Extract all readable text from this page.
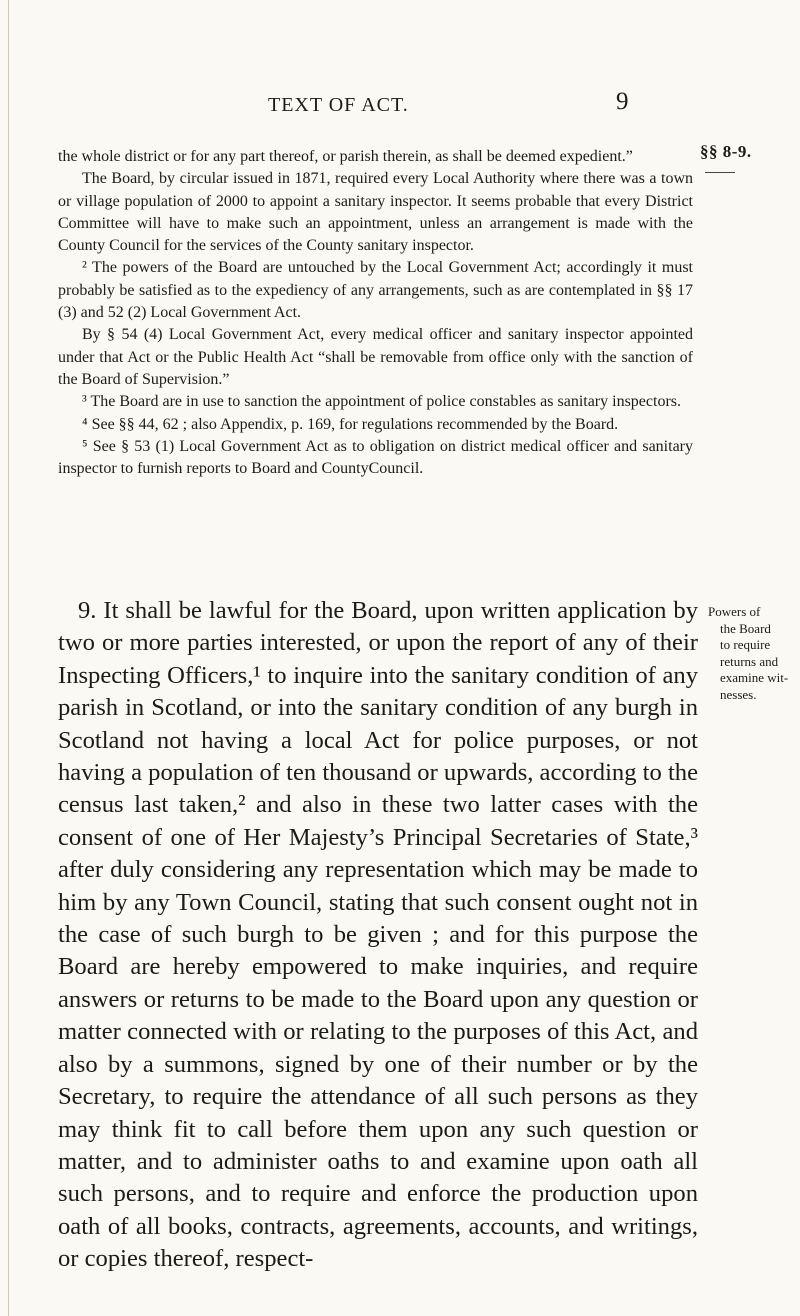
TEXT OF ACT.	9
§§ 8-9.

the whole district or for any part thereof, or parish therein, as shall be deemed expedient.”

The Board, by circular issued in 1871, required every Local Authority where there was a town or village population of 2000 to appoint a sanitary inspector. It seems probable that every District Committee will have to make such an appointment, unless an arrangement is made with the County Council for the services of the County sanitary inspector.

² The powers of the Board are untouched by the Local Government Act; accordingly it must probably be satisfied as to the expediency of any arrangements, such as are contemplated in §§ 17 (3) and 52 (2) Local Government Act.

By § 54 (4) Local Government Act, every medical officer and sanitary inspector appointed under that Act or the Public Health Act “shall be removable from office only with the sanction of the Board of Supervision.”

³ The Board are in use to sanction the appointment of police constables as sanitary inspectors.

⁴ See §§ 44, 62 ; also Appendix, p. 169, for regulations recommended by the Board.

⁵ See § 53 (1) Local Government Act as to obligation on district medical officer and sanitary inspector to furnish reports to Board and CountyCouncil.

9. It shall be lawful for the Board, upon written application by two or more parties interested, or upon the report of any of their Inspecting Officers,¹ to inquire into the sanitary condition of any parish in Scotland, or into the sanitary condition of any burgh in Scotland not having a local Act for police purposes, or not having a population of ten thousand or upwards, according to the census last taken,² and also in these two latter cases with the consent of one of Her Majesty’s Principal Secretaries of State,³ after duly considering any representation which may be made to him by any Town Council, stating that such consent ought not in the case of such burgh to be given ; and for this purpose the Board are hereby empowered to make inquiries, and require answers or returns to be made to the Board upon any question or matter connected with or relating to the purposes of this Act, and also by a summons, signed by one of their number or by the Secretary, to require the attendance of all such persons as they may think fit to call before them upon any such question or matter, and to administer oaths to and examine upon oath all such persons, and to require and enforce the production upon oath of all books, contracts, agreements, accounts, and writings, or copies thereof, respect-

Powers of

the Board

to require

returns and

examine wit-

nesses.
